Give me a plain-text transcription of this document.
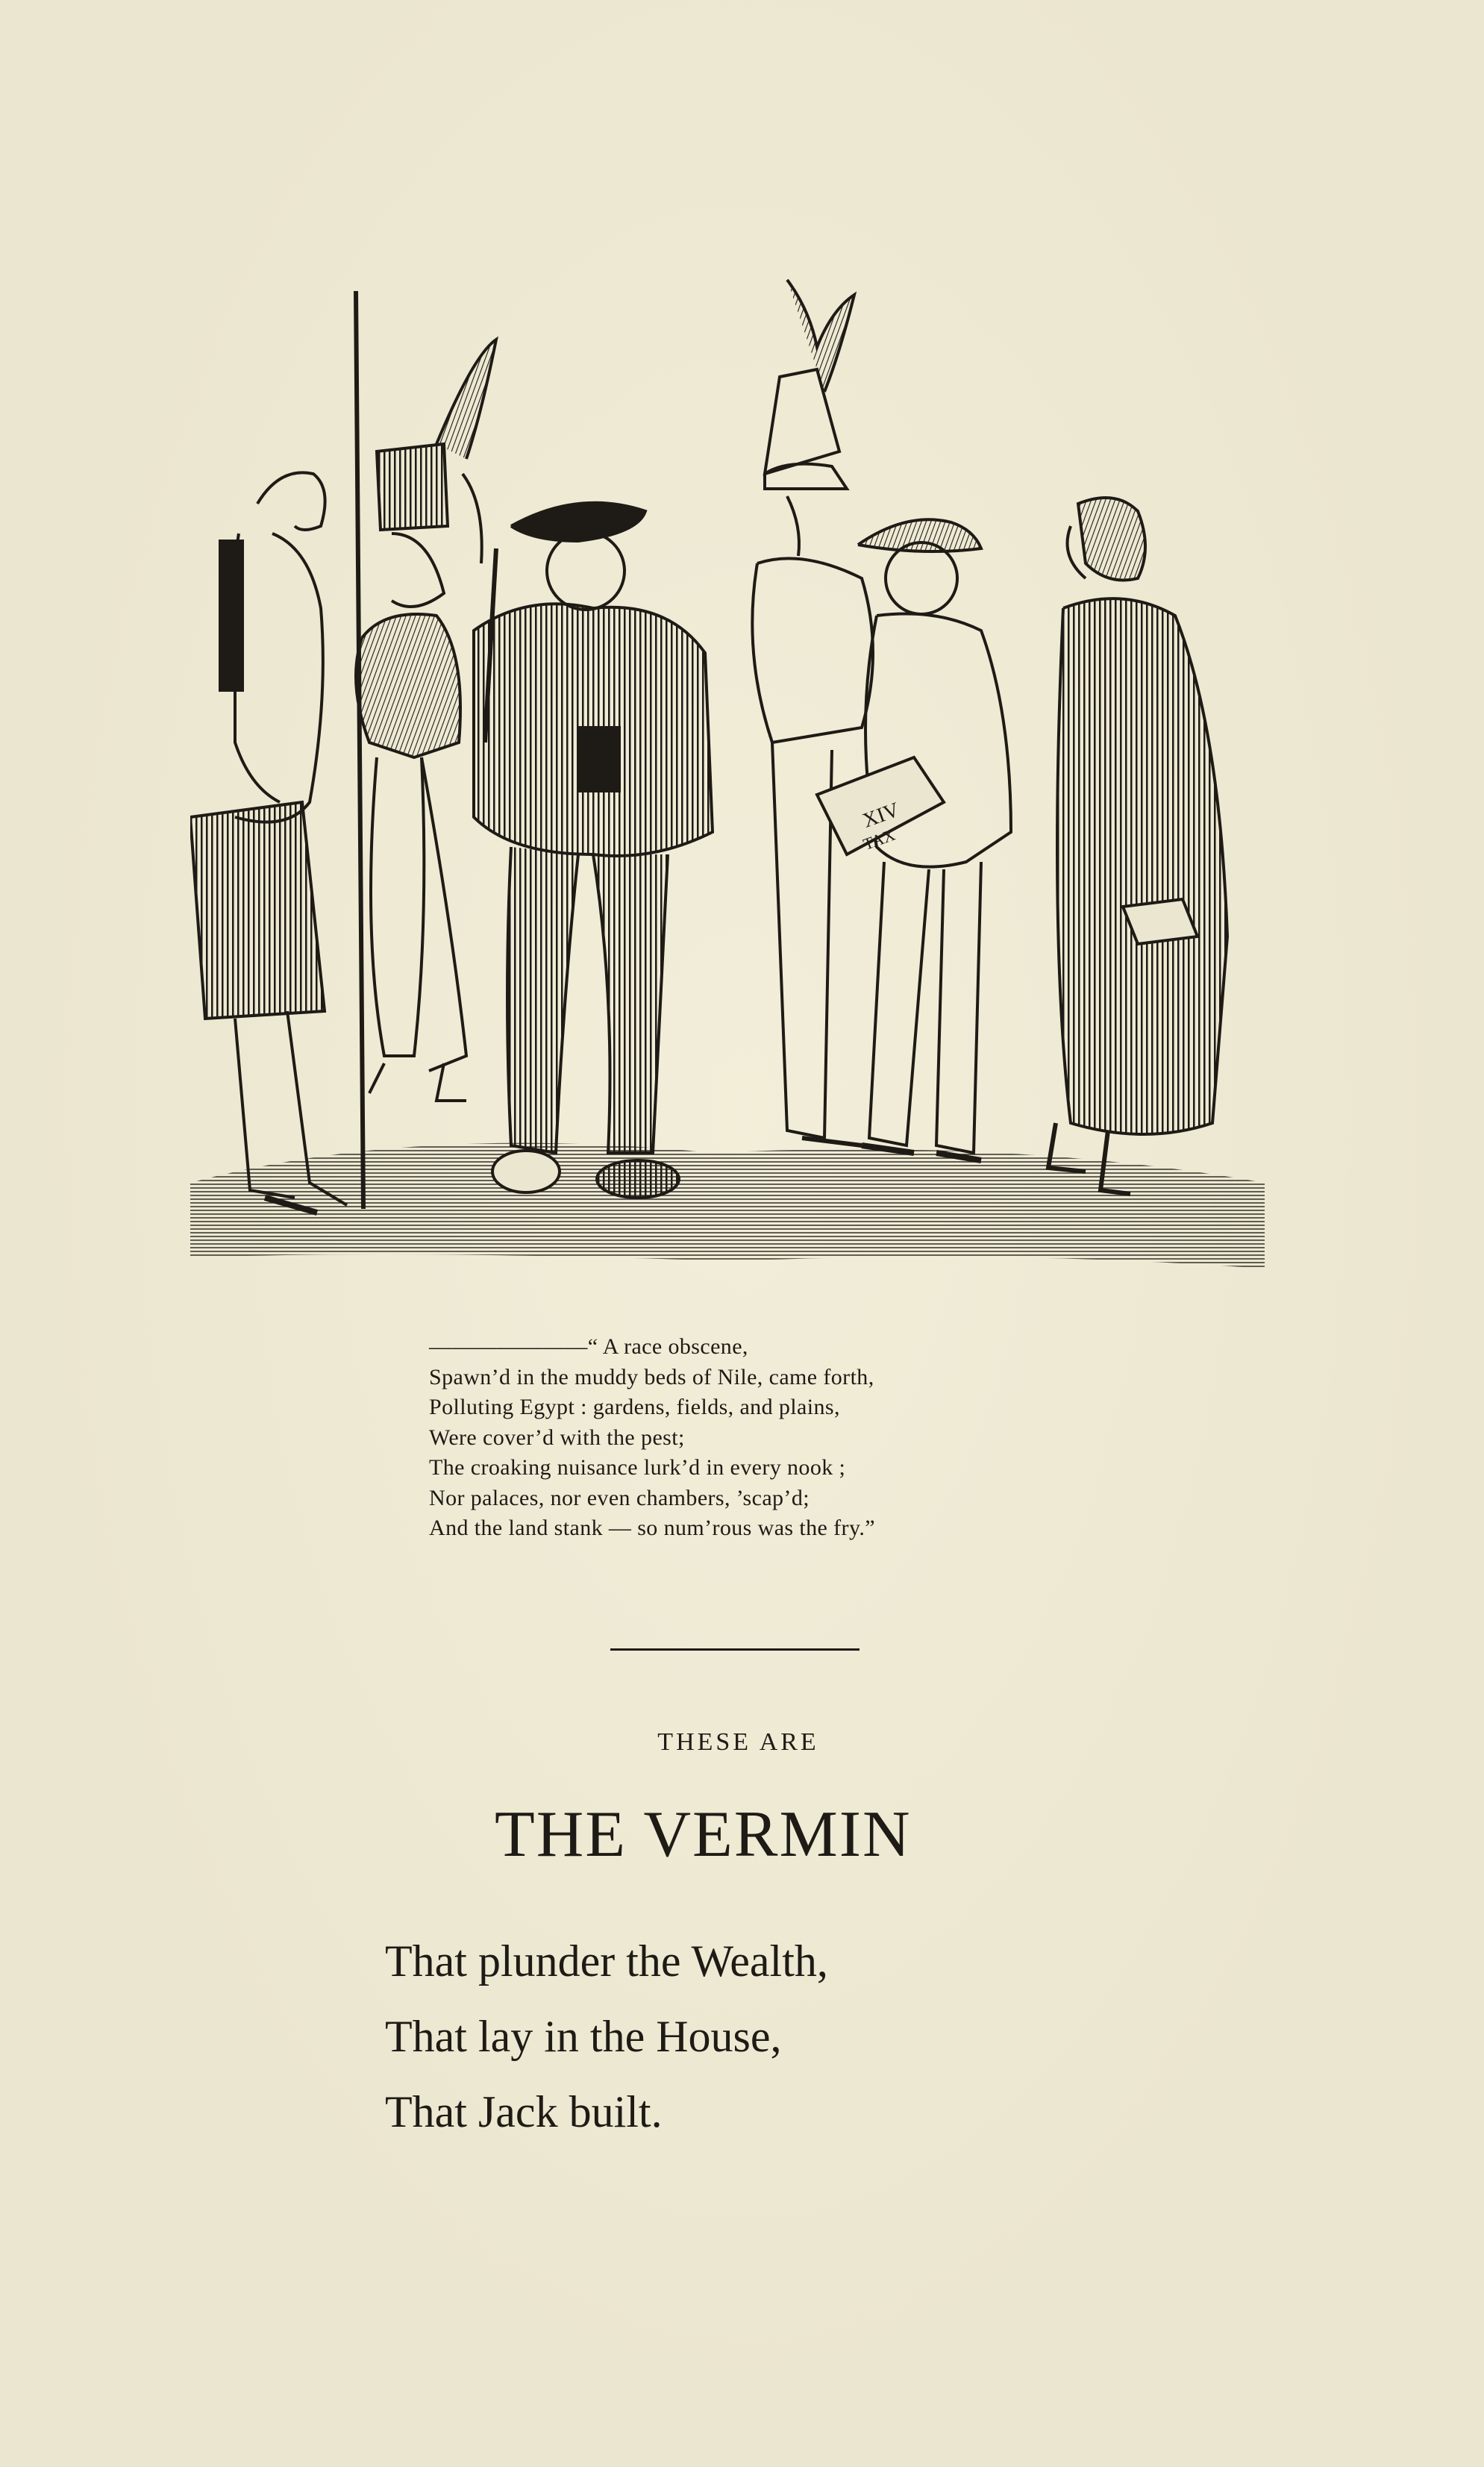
XIV
TAX
———————“ A race obscene,
Spawn’d in the muddy beds of Nile, came forth,
Polluting Egypt : gardens, fields, and plains,
Were cover’d with the pest;
The croaking nuisance lurk’d in every nook ;
Nor palaces, nor even chambers, ’scap’d;
And the land stank — so num’rous was the fry.”
THESE ARE
THE VERMIN
That plunder the Wealth,
That lay in the House,
That Jack built.
